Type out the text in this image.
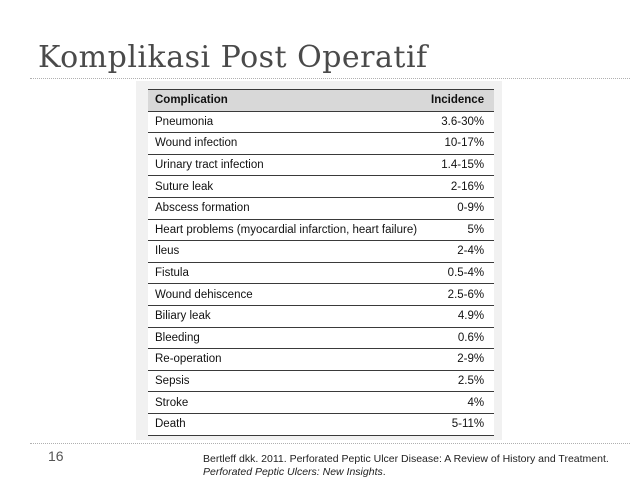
Komplikasi Post Operatif
Complication	Incidence
Pneumonia	3.6-30%
Wound infection	10-17%
Urinary tract infection	1.4-15%
Suture leak	2-16%
Abscess formation	0-9%
Heart problems (myocardial infarction, heart failure)	5%
Ileus	2-4%
Fistula	0.5-4%
Wound dehiscence	2.5-6%
Biliary leak	4.9%
Bleeding	0.6%
Re-operation	2-9%
Sepsis	2.5%
Stroke	4%
Death	5-11%
16	Bertleff dkk. 2011. Perforated Peptic Ulcer Disease: A Review of History and Treatment.
Perforated Peptic Ulcers: New Insights.
